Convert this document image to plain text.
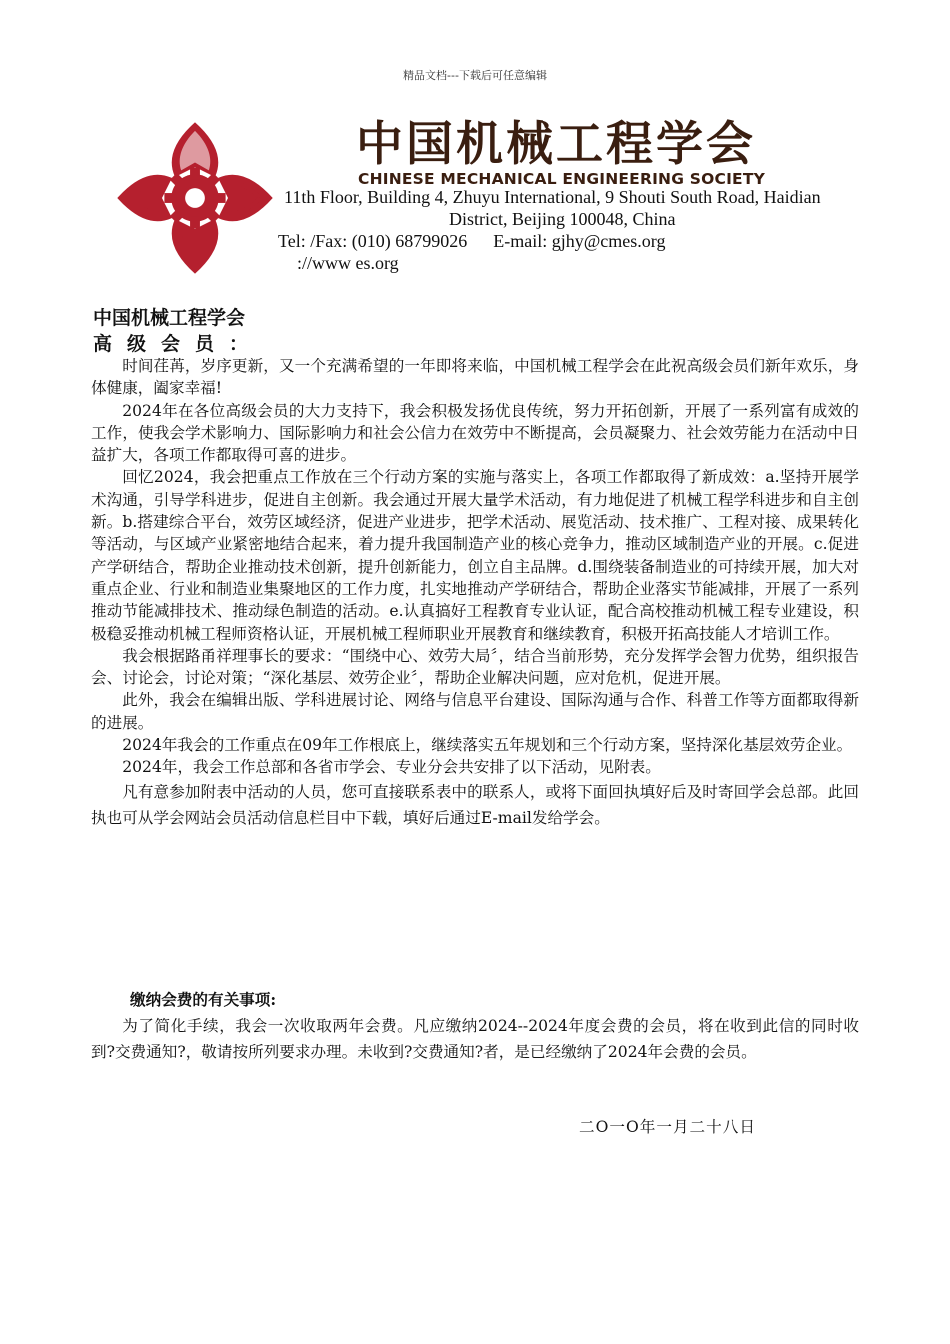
精品文档---下载后可任意编辑
中国机械工程学会
CHINESE MECHANICAL ENGINEERING SOCIETY
11th Floor, Building 4, Zhuyu International, 9 Shouti South Road, Haidian
District, Beijing 100048, China
Tel: /Fax: (010) 68799026 E-mail: gjhy@cmes.org
://www es.org
中国机械工程学会
高级会员：

时间荏苒，岁序更新，又一个充满希望的一年即将来临，中国机械工程学会在此祝高级会员们新年欢乐，身体健康，阖家幸福!

2024年在各位高级会员的大力支持下，我会积极发扬优良传统，努力开拓创新，开展了一系列富有成效的工作，使我会学术影响力、国际影响力和社会公信力在效劳中不断提高，会员凝聚力、社会效劳能力在活动中日益扩大，各项工作都取得可喜的进步。

回忆2024，我会把重点工作放在三个行动方案的实施与落实上，各项工作都取得了新成效：a.坚持开展学术沟通，引导学科进步，促进自主创新。我会通过开展大量学术活动，有力地促进了机械工程学科进步和自主创新。b.搭建综合平台，效劳区域经济，促进产业进步，把学术活动、展览活动、技术推广、工程对接、成果转化等活动，与区域产业紧密地结合起来，着力提升我国制造产业的核心竞争力，推动区域制造产业的开展。c.促进产学研结合，帮助企业推动技术创新，提升创新能力，创立自主品牌。d.围绕装备制造业的可持续开展，加大对重点企业、行业和制造业集聚地区的工作力度，扎实地推动产学研结合，帮助企业落实节能减排，开展了一系列推动节能减排技术、推动绿色制造的活动。e.认真搞好工程教育专业认证，配合高校推动机械工程专业建设，积极稳妥推动机械工程师资格认证，开展机械工程师职业开展教育和继续教育，积极开拓高技能人才培训工作。

我会根据路甬祥理事长的要求：“围绕中心、效劳大局〞，结合当前形势，充分发挥学会智力优势，组织报告会、讨论会，讨论对策；“深化基层、效劳企业〞，帮助企业解决问题，应对危机，促进开展。

此外，我会在编辑出版、学科进展讨论、网络与信息平台建设、国际沟通与合作、科普工作等方面都取得新的进展。

2024年我会的工作重点在09年工作根底上，继续落实五年规划和三个行动方案，坚持深化基层效劳企业。

2024年，我会工作总部和各省市学会、专业分会共安排了以下活动，见附表。

凡有意参加附表中活动的人员，您可直接联系表中的联系人，或将下面回执填好后及时寄回学会总部。此回执也可从学会网站会员活动信息栏目中下载，填好后通过E-mail发给学会。

缴纳会费的有关事项:

为了简化手续，我会一次收取两年会费。凡应缴纳2024--2024年度会费的会员，将在收到此信的同时收到?交费通知?，敬请按所列要求办理。未收到?交费通知?者，是已经缴纳了2024年会费的会员。

二O一O年一月二十八日
